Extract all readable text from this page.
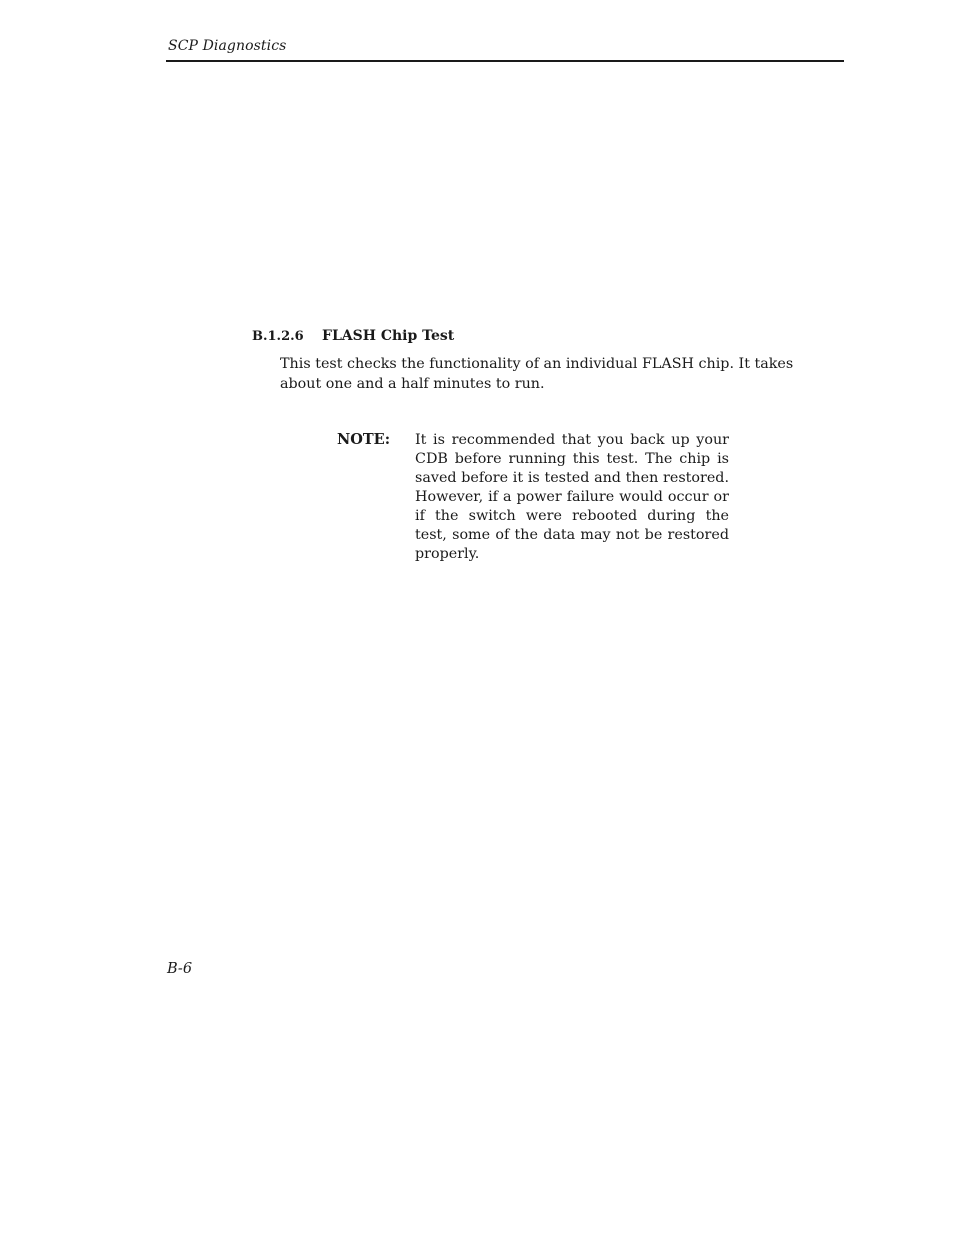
SCP Diagnostics
B.1.2.6 FLASH Chip Test

This test checks the functionality of an individual FLASH chip. It takes about one and a half minutes to run.

NOTE: It is recommended that you back up your CDB before running this test. The chip is saved before it is tested and then restored. However, if a power failure would occur or if the switch were rebooted during the test, some of the data may not be restored properly.

B-6
